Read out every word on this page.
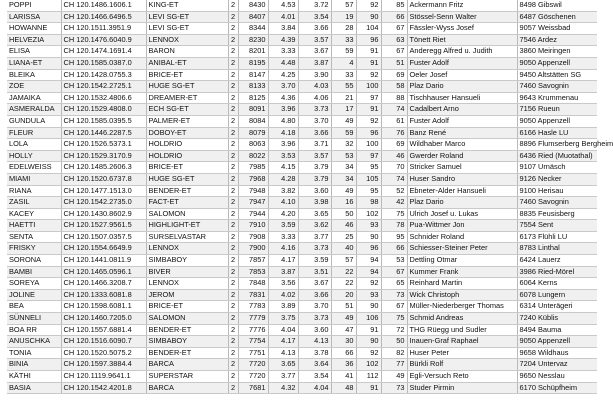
POPPI	CH 120.1486.1606.1	KING-ET	2	8430	4.53	3.72	57	92	85	Ackermann Fritz	8498 Gibswil
LARISSA	CH 120.1466.6496.5	LEVI SG-ET	2	8407	4.01	3.54	19	90	66	Stössel-Senn Walter	6487 Göschenen
HOWANNE	CH 120.1511.3951.9	LEVI SG-ET	2	8344	3.84	3.66	28	104	67	Fässler-Wyss Josef	9057 Weissbad
HELVEZIA	CH 120.1476.6040.9	LENNOX	2	8230	4.39	3.57	33	96	63	Tönett Riet	7546 Ardez
ELISA	CH 120.1474.1691.4	BARON	2	8201	3.33	3.67	59	91	67	Anderegg Alfred u. Judith	3860 Meiringen
LIANA-ET	CH 120.1585.0387.0	ANIBAL-ET	2	8195	4.48	3.87	4	91	51	Fuster Adolf	9050 Appenzell
BLEIKA	CH 120.1428.0755.3	BRICE-ET	2	8147	4.25	3.90	33	92	69	Oeler Josef	9450 Altstätten SG
ZOE	CH 120.1542.2725.1	HUGE SG-ET	2	8133	3.70	4.03	55	100	58	Plaz Dario	7460 Savognin
JAMAIKA	CH 120.1532.4806.6	DREAMER-ET	2	8125	4.36	4.06	21	97	88	Tischhauser Hansueli	9643 Krummenau
ASMERALDA	CH 120.1529.4808.0	ECH SG-ET	2	8091	3.96	3.73	17	91	74	Cadalbert Arno	7156 Rueun
GUNDULA	CH 120.1585.0395.5	PALMER-ET	2	8084	4.80	3.70	49	92	61	Fuster Adolf	9050 Appenzell
FLEUR	CH 120.1446.2287.5	DOBOY-ET	2	8079	4.18	3.66	59	96	76	Banz René	6166 Hasle LU
LOLA	CH 120.1526.5373.1	HOLDRIO	2	8063	3.96	3.71	32	100	69	Wildhaber Marco	8896 Flumserberg Bergheim
HOLLY	CH 120.1529.3170.9	HOLDRIO	2	8022	3.53	3.57	53	97	46	Gwerder Roland	6436 Ried (Muotathal)
EDELWEISS	CH 120.1485.2606.3	BRICE-ET	2	7985	4.15	3.79	34	95	70	Stricker Samuel	9107 Urnäsch
MIAMI	CH 120.1520.6737.8	HUGE SG-ET	2	7968	4.28	3.79	34	105	74	Huser Sandro	9126 Necker
RIANA	CH 120.1477.1513.0	BENDER-ET	2	7948	3.82	3.60	49	95	52	Ebneter-Alder Hansueli	9100 Herisau
ZASIL	CH 120.1542.2735.0	FACT-ET	2	7947	4.10	3.98	16	98	42	Plaz Dario	7460 Savognin
KACEY	CH 120.1430.8602.9	SALOMON	2	7944	4.20	3.65	50	102	75	Ulrich Josef u. Lukas	8835 Feusisberg
HAETTI	CH 120.1527.9561.5	HIGHLIGHT-ET	2	7910	3.59	3.62	46	93	78	Pua-Wittmer Jon	7554 Sent
SENTA	CH 120.1507.0357.5	SURSELVASTAR	2	7908	3.33	3.77	25	90	95	Schnider Roland	6173 Flühli LU
FRISKY	CH 120.1554.6649.9	LENNOX	2	7900	4.16	3.73	40	96	66	Schiesser-Steiner Peter	8783 Linthal
SORONA	CH 120.1441.0811.9	SIMBABOY	2	7857	4.17	3.59	57	94	53	Dettling Otmar	6424 Lauerz
BAMBI	CH 120.1465.0596.1	BIVER	2	7853	3.87	3.51	22	94	67	Kummer Frank	3986 Ried-Mörel
SOREYA	CH 120.1466.3208.7	LENNOX	2	7848	3.56	3.67	22	92	65	Reinhard Martin	6064 Kerns
JOLINE	CH 120.1333.6081.8	JEROM	2	7831	4.02	3.66	20	93	73	Wick Christoph	6078 Lungern
BEA	CH 120.1598.6081.1	BRICE-ET	2	7783	3.89	3.70	51	90	67	Müller-Niederberger Thomas	6314 Unterägeri
SÜNNELI	CH 120.1460.7205.0	SALOMON	2	7779	3.75	3.73	49	106	75	Schmid Andreas	7240 Küblis
BOA RR	CH 120.1557.6881.4	BENDER-ET	2	7776	4.04	3.60	47	91	72	THG Rüegg und Sudler	8494 Bauma
ANUSCHKA	CH 120.1516.6090.7	SIMBABOY	2	7754	4.17	4.13	30	90	50	Inauen-Graf Raphael	9050 Appenzell
TONIA	CH 120.1520.5075.2	BENDER-ET	2	7751	4.13	3.78	66	92	82	Huser Peter	9658 Wildhaus
BINIA	CH 120.1597.3884.4	BARCA	2	7720	3.65	3.64	36	102	77	Bürkli Rolf	7204 Untervaz
KÄTHI	CH 120.1119.9641.1	SUPERSTAR	2	7720	3.77	3.54	41	112	49	Egli-Versuch Reto	9650 Nesslau
BASIA	CH 120.1542.4201.8	BARCA	2	7681	4.32	4.04	48	91	73	Studer Pirmin	6170 Schüpfheim
